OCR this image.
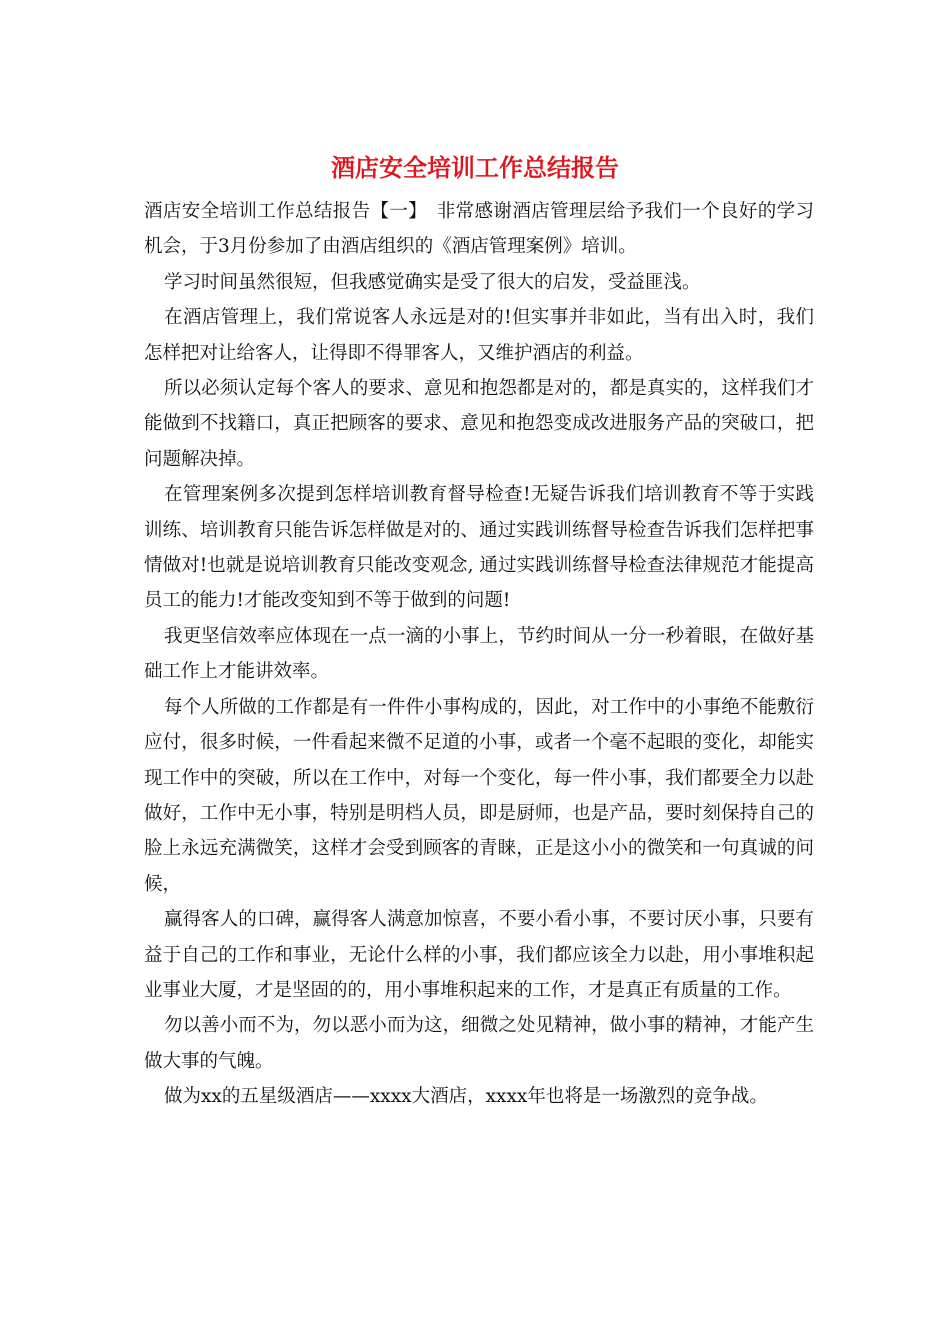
酒店安全培训工作总结报告

酒店安全培训工作总结报告【一】　非常感谢酒店管理层给予我们一个良好的学习机会，于3月份参加了由酒店组织的《酒店管理案例》培训。

学习时间虽然很短，但我感觉确实是受了很大的启发，受益匪浅。

在酒店管理上，我们常说客人永远是对的!但实事并非如此，当有出入时，我们怎样把对让给客人，让得即不得罪客人，又维护酒店的利益。

所以必须认定每个客人的要求、意见和抱怨都是对的，都是真实的，这样我们才能做到不找籍口，真正把顾客的要求、意见和抱怨变成改进服务产品的突破口，把问题解决掉。

在管理案例多次提到怎样培训教育督导检查!无疑告诉我们培训教育不等于实践训练、培训教育只能告诉怎样做是对的、通过实践训练督导检查告诉我们怎样把事情做对!也就是说培训教育只能改变观念, 通过实践训练督导检查法律规范才能提高员工的能力!才能改变知到不等于做到的问题!

我更坚信效率应体现在一点一滴的小事上，节约时间从一分一秒着眼，在做好基础工作上才能讲效率。

每个人所做的工作都是有一件件小事构成的，因此，对工作中的小事绝不能敷衍应付，很多时候，一件看起来微不足道的小事，或者一个毫不起眼的变化，却能实现工作中的突破，所以在工作中，对每一个变化，每一件小事，我们都要全力以赴做好，工作中无小事，特别是明档人员，即是厨师，也是产品，要时刻保持自己的脸上永远充满微笑，这样才会受到顾客的青睐，正是这小小的微笑和一句真诚的问候，

赢得客人的口碑，赢得客人满意加惊喜，不要小看小事，不要讨厌小事，只要有益于自己的工作和事业，无论什么样的小事，我们都应该全力以赴，用小事堆积起业事业大厦，才是坚固的的，用小事堆积起来的工作，才是真正有质量的工作。

勿以善小而不为，勿以恶小而为这，细微之处见精神，做小事的精神，才能产生做大事的气魄。

做为xx的五星级酒店——xxxx大酒店，xxxx年也将是一场激烈的竞争战。
